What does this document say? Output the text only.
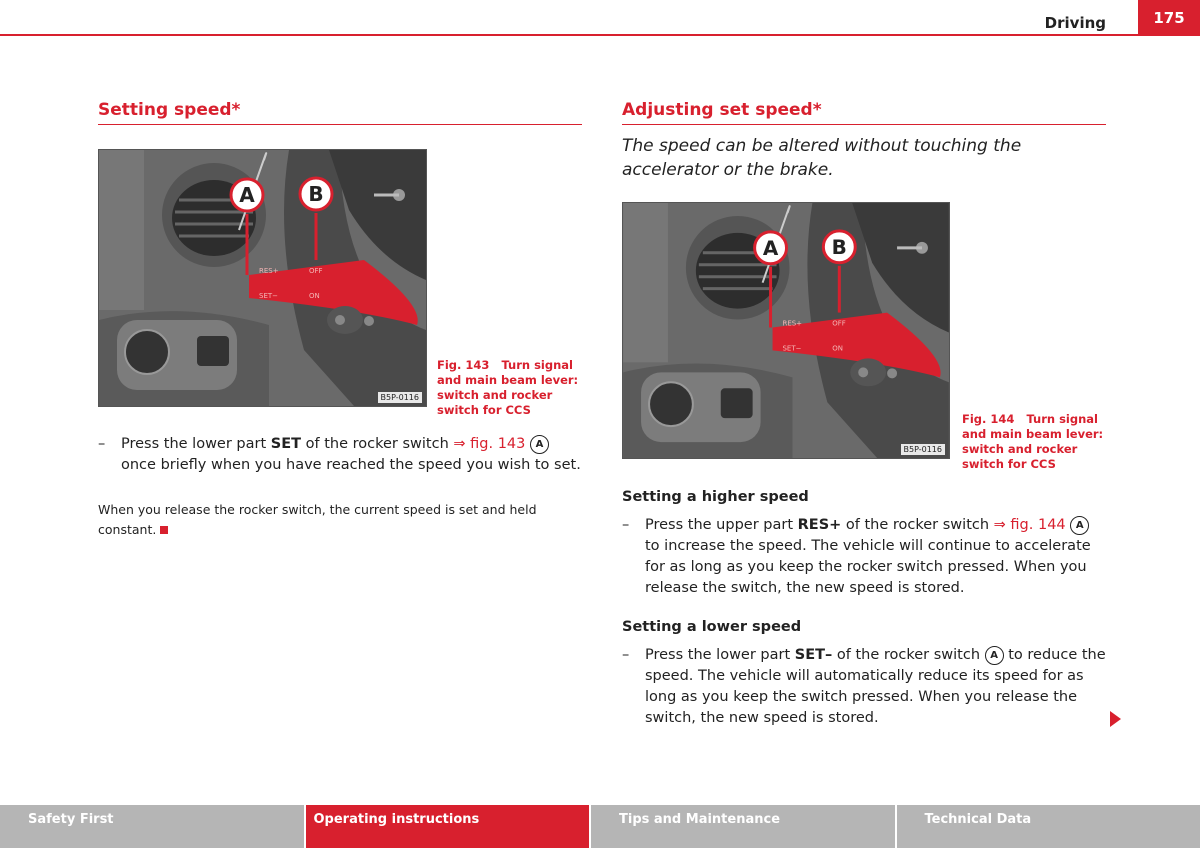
Driving	175
Setting speed*
A	B
RES+	OFF
SET−	ON
B5P-0116
Fig. 143 Turn signal and main beam lever: switch and rocker switch for CCS
– Press the lower part SET of the rocker switch ⇒ fig. 143 A once briefly when you have reached the speed you wish to set.
When you release the rocker switch, the current speed is set and held constant.
Adjusting set speed*
The speed can be altered without touching the accelerator or the brake.
A	B
RES+	OFF
SET−	ON
B5P-0116
Fig. 144 Turn signal and main beam lever: switch and rocker switch for CCS
Setting a higher speed
– Press the upper part RES+ of the rocker switch ⇒ fig. 144 A to increase the speed. The vehicle will continue to accelerate for as long as you keep the rocker switch pressed. When you release the switch, the new speed is stored.
Setting a lower speed
– Press the lower part SET– of the rocker switch A to reduce the speed. The vehicle will automatically reduce its speed for as long as you keep the switch pressed. When you release the switch, the new speed is stored.
Safety First	Operating instructions	Tips and Maintenance	Technical Data
